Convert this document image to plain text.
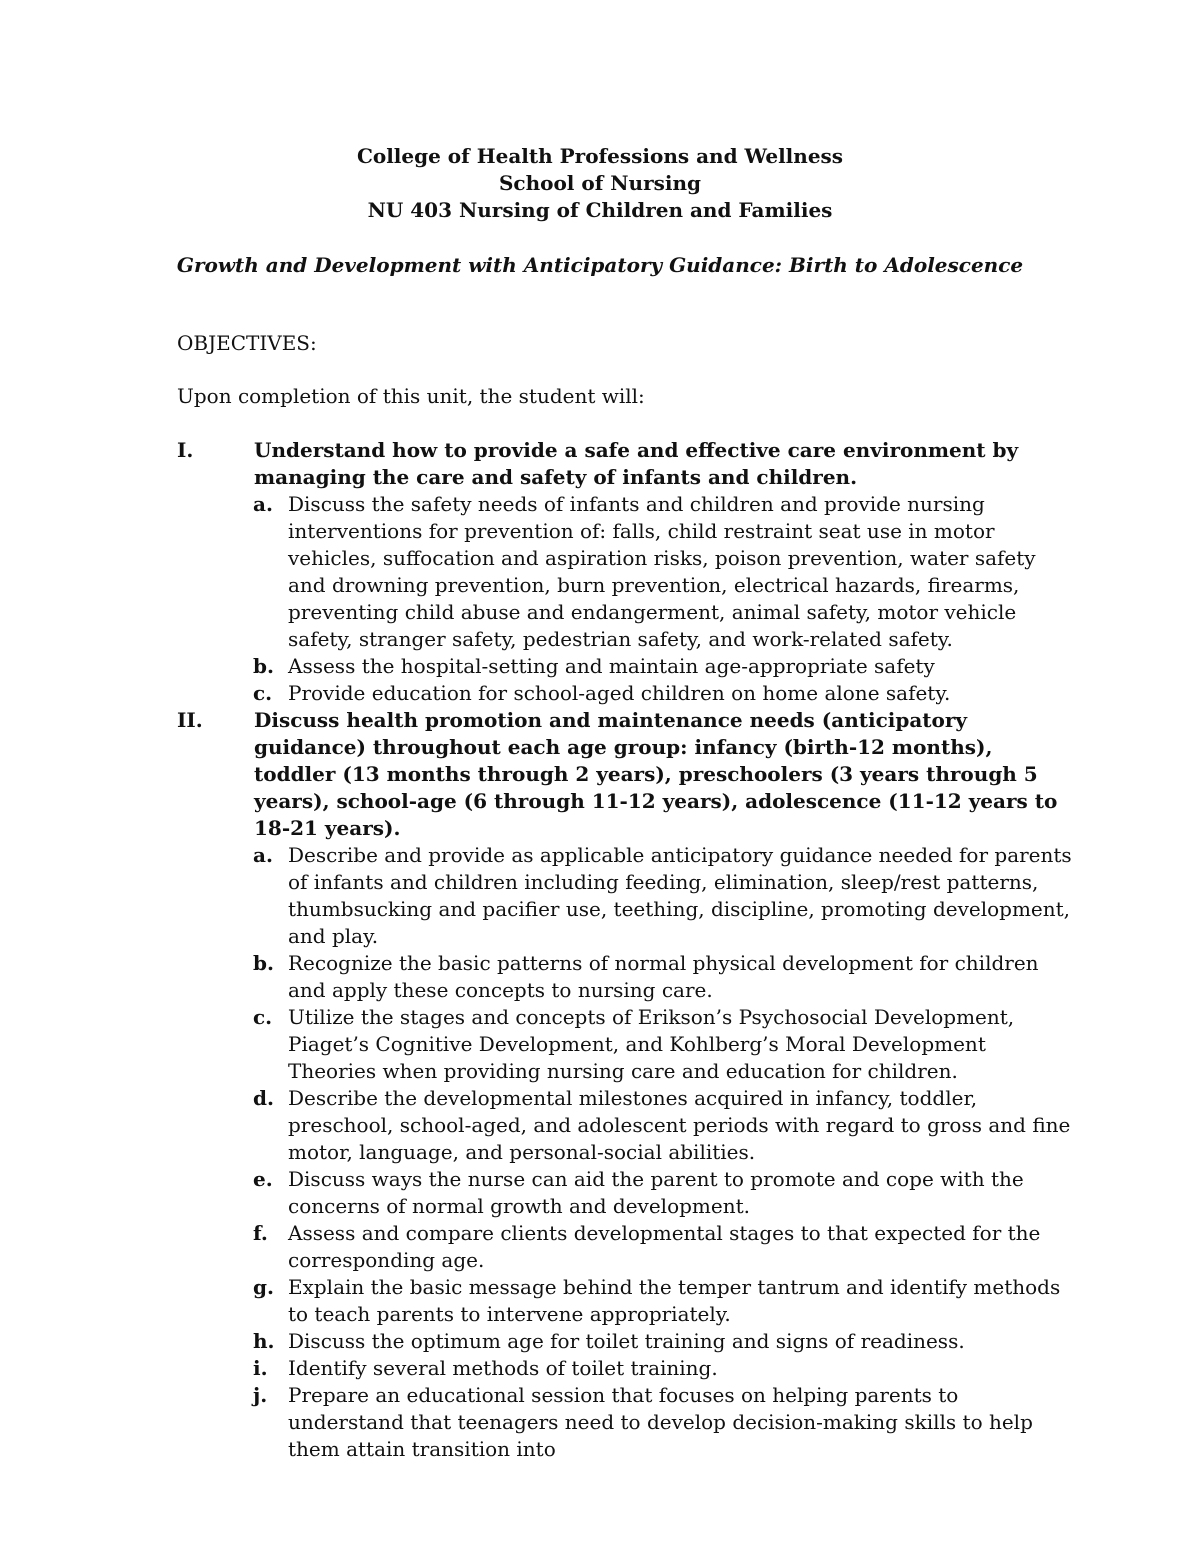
College of Health Professions and Wellness
School of Nursing
NU 403 Nursing of Children and Families
Growth and Development with Anticipatory Guidance: Birth to Adolescence
OBJECTIVES:
Upon completion of this unit, the student will:
I.	Understand how to provide a safe and effective care environment by managing the care and safety of infants and children.
a. Discuss the safety needs of infants and children and provide nursing interventions for prevention of: falls, child restraint seat use in motor vehicles, suffocation and aspiration risks, poison prevention, water safety and drowning prevention, burn prevention, electrical hazards, firearms, preventing child abuse and endangerment, animal safety, motor vehicle safety, stranger safety, pedestrian safety, and work-related safety.
b. Assess the hospital-setting and maintain age-appropriate safety
c. Provide education for school-aged children on home alone safety.
II.	Discuss health promotion and maintenance needs (anticipatory guidance) throughout each age group: infancy (birth-12 months), toddler (13 months through 2 years), preschoolers (3 years through 5 years), school-age (6 through 11-12 years), adolescence (11-12 years to 18-21 years).
a. Describe and provide as applicable anticipatory guidance needed for parents of infants and children including feeding, elimination, sleep/rest patterns, thumbsucking and pacifier use, teething, discipline, promoting development, and play.
b. Recognize the basic patterns of normal physical development for children and apply these concepts to nursing care.
c. Utilize the stages and concepts of Erikson’s Psychosocial Development, Piaget’s Cognitive Development, and Kohlberg’s Moral Development Theories when providing nursing care and education for children.
d. Describe the developmental milestones acquired in infancy, toddler, preschool, school-aged, and adolescent periods with regard to gross and fine motor, language, and personal-social abilities.
e. Discuss ways the nurse can aid the parent to promote and cope with the concerns of normal growth and development.
f. Assess and compare clients developmental stages to that expected for the corresponding age.
g. Explain the basic message behind the temper tantrum and identify methods to teach parents to intervene appropriately.
h. Discuss the optimum age for toilet training and signs of readiness.
i. Identify several methods of toilet training.
j. Prepare an educational session that focuses on helping parents to understand that teenagers need to develop decision-making skills to help them attain transition into
